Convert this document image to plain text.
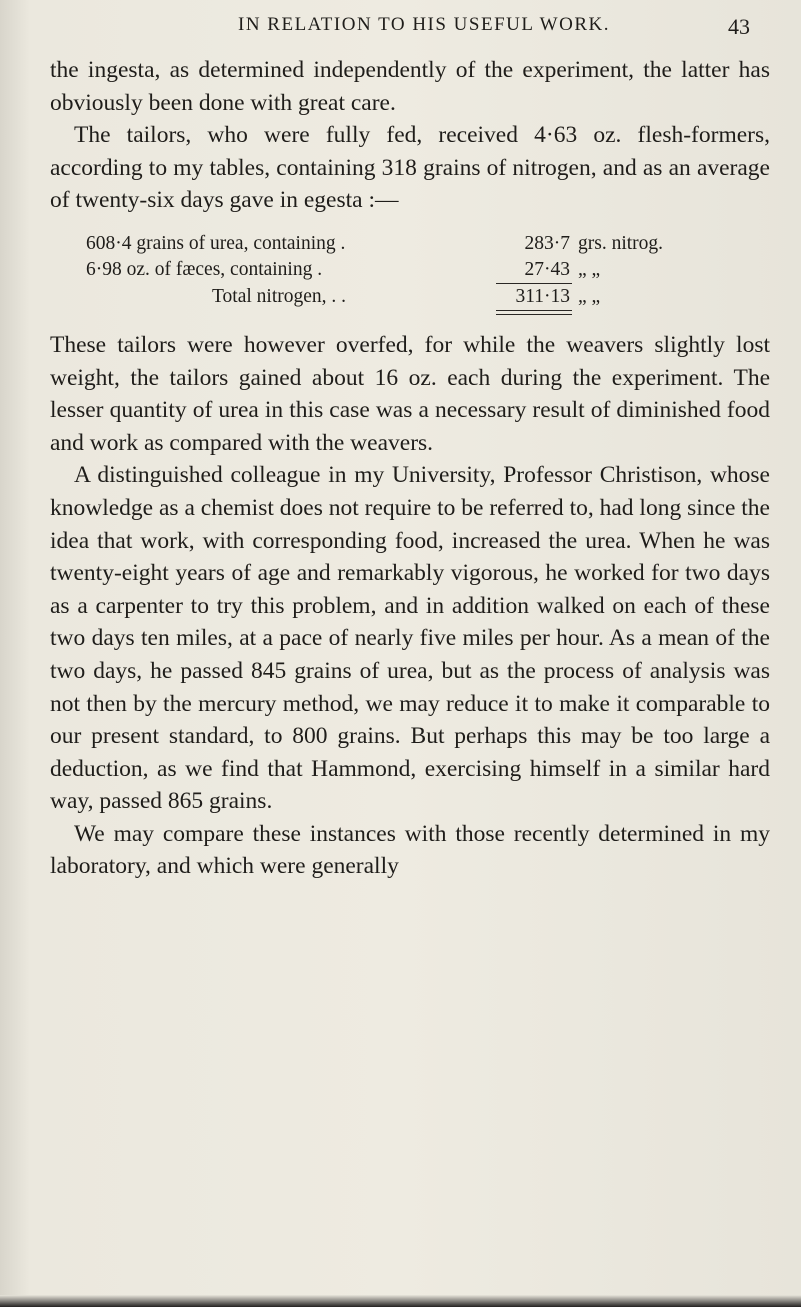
IN RELATION TO HIS USEFUL WORK.	43

the ingesta, as determined independently of the experiment, the latter has obviously been done with great care.

The tailors, who were fully fed, received 4·63 oz. flesh-formers, according to my tables, containing 318 grains of nitrogen, and as an average of twenty-six days gave in egesta :—

608·4 grains of urea, containing .	283·7 grs. nitrog.
6·98 oz. of fæces, containing .	27·43 „ „
Total nitrogen, . .	311·13 „ „

These tailors were however overfed, for while the weavers slightly lost weight, the tailors gained about 16 oz. each during the experiment. The lesser quantity of urea in this case was a necessary result of diminished food and work as compared with the weavers.

A distinguished colleague in my University, Professor Christison, whose knowledge as a chemist does not require to be referred to, had long since the idea that work, with corresponding food, increased the urea. When he was twenty-eight years of age and remarkably vigorous, he worked for two days as a carpenter to try this problem, and in addition walked on each of these two days ten miles, at a pace of nearly five miles per hour. As a mean of the two days, he passed 845 grains of urea, but as the process of analysis was not then by the mercury method, we may reduce it to make it comparable to our present standard, to 800 grains. But perhaps this may be too large a deduction, as we find that Hammond, exercising himself in a similar hard way, passed 865 grains.

We may compare these instances with those recently determined in my laboratory, and which were generally
